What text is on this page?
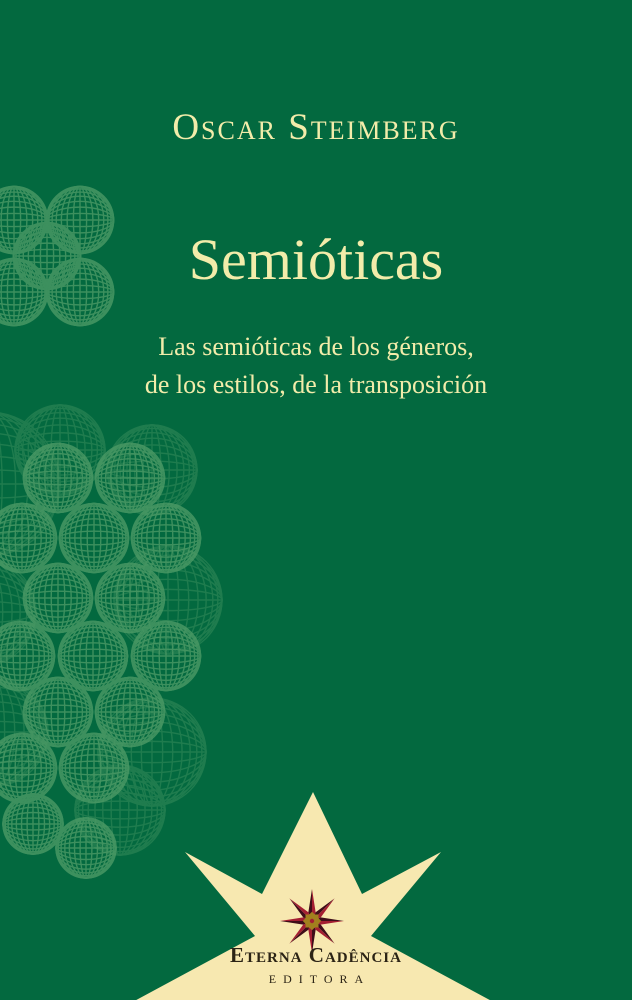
Oscar Steimberg
Semióticas
Las semióticas de los géneros,
de los estilos, de la transposición
Eterna Cadência
EDITORA
